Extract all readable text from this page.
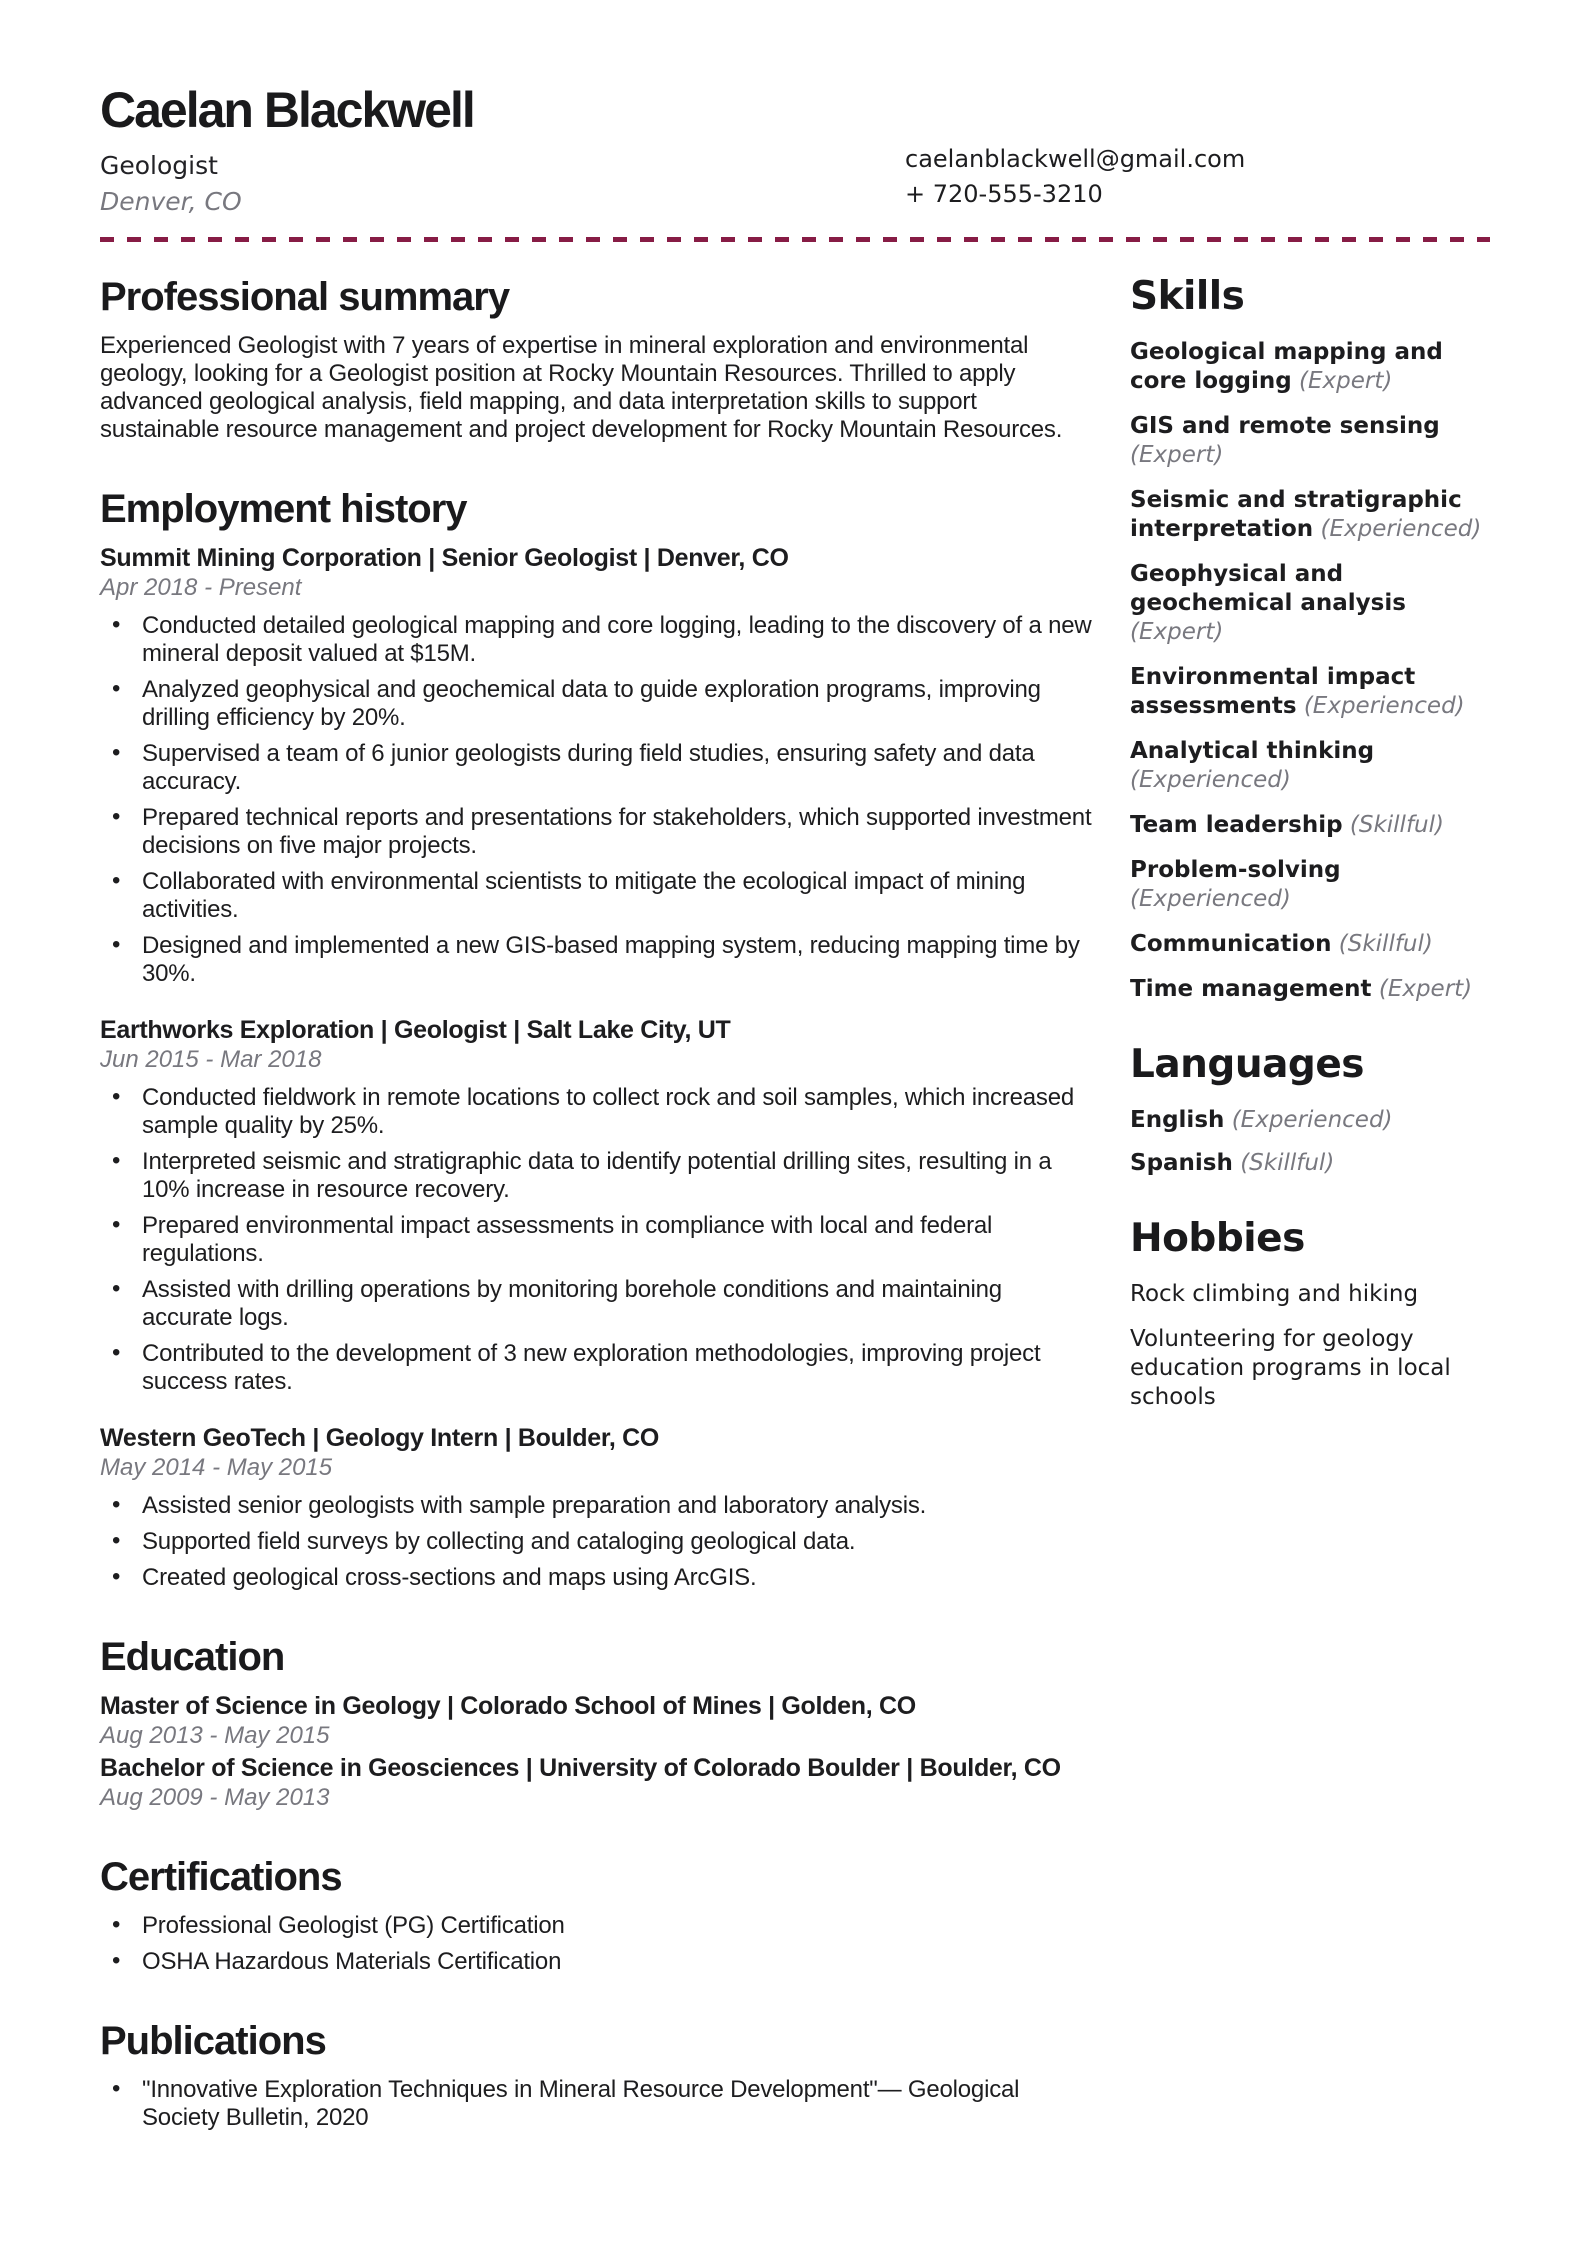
Caelan Blackwell

Geologist

Denver, CO

caelanblackwell@gmail.com
+ 720-555-3210
Professional summary

Experienced Geologist with 7 years of expertise in mineral exploration and environmental geology, looking for a Geologist position at Rocky Mountain Resources. Thrilled to apply advanced geological analysis, field mapping, and data interpretation skills to support sustainable resource management and project development for Rocky Mountain Resources.

Employment history
Summit Mining Corporation | Senior Geologist | Denver, CO

Apr 2018 - Present

• Conducted detailed geological mapping and core logging, leading to the discovery of a new mineral deposit valued at $15M.
• Analyzed geophysical and geochemical data to guide exploration programs, improving drilling efficiency by 20%.
• Supervised a team of 6 junior geologists during field studies, ensuring safety and data accuracy.
• Prepared technical reports and presentations for stakeholders, which supported investment decisions on five major projects.
• Collaborated with environmental scientists to mitigate the ecological impact of mining activities.
• Designed and implemented a new GIS-based mapping system, reducing mapping time by 30%.
Earthworks Exploration | Geologist | Salt Lake City, UT

Jun 2015 - Mar 2018

• Conducted fieldwork in remote locations to collect rock and soil samples, which increased sample quality by 25%.
• Interpreted seismic and stratigraphic data to identify potential drilling sites, resulting in a 10% increase in resource recovery.
• Prepared environmental impact assessments in compliance with local and federal regulations.
• Assisted with drilling operations by monitoring borehole conditions and maintaining accurate logs.
• Contributed to the development of 3 new exploration methodologies, improving project success rates.
Western GeoTech | Geology Intern | Boulder, CO

May 2014 - May 2015

• Assisted senior geologists with sample preparation and laboratory analysis.
• Supported field surveys by collecting and cataloging geological data.
• Created geological cross-sections and maps using ArcGIS.
Education
Master of Science in Geology | Colorado School of Mines | Golden, CO

Aug 2013 - May 2015

Bachelor of Science in Geosciences | University of Colorado Boulder | Boulder, CO

Aug 2009 - May 2013

Certifications
• Professional Geologist (PG) Certification
• OSHA Hazardous Materials Certification
Publications
• "Innovative Exploration Techniques in Mineral Resource Development"— Geological Society Bulletin, 2020
Skills

Geological mapping and core logging (Expert)

GIS and remote sensing (Expert)

Seismic and stratigraphic interpretation (Experienced)

Geophysical and geochemical analysis (Expert)

Environmental impact assessments (Experienced)

Analytical thinking (Experienced)

Team leadership (Skillful)

Problem-solving (Experienced)

Communication (Skillful)

Time management (Expert)

Languages

English (Experienced)

Spanish (Skillful)

Hobbies

Rock climbing and hiking

Volunteering for geology education programs in local schools
